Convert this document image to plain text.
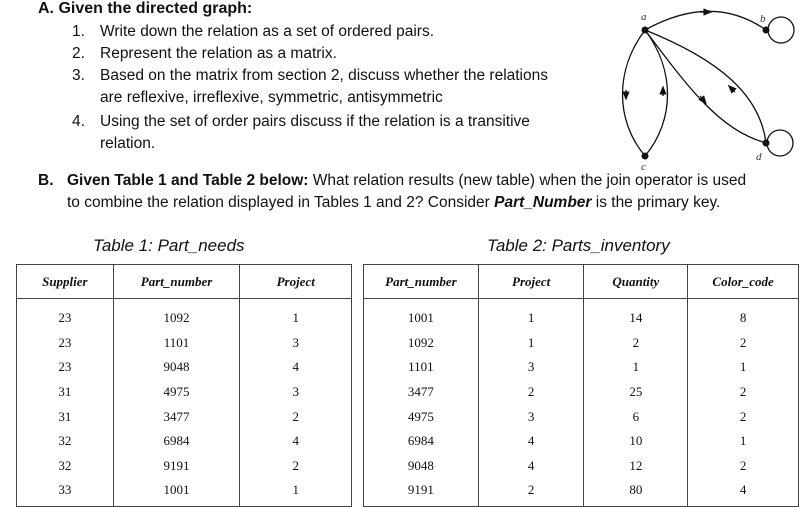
A. Given the directed graph:
1. Write down the relation as a set of ordered pairs.
2. Represent the relation as a matrix.
3. Based on the matrix from section 2, discuss whether the relations
are reflexive, irreflexive, symmetric, antisymmetric
4. Using the set of order pairs discuss if the relation is a transitive
relation.
a	b
c
d
B. Given Table 1 and Table 2 below: What relation results (new table) when the join operator is used
to combine the relation displayed in Tables 1 and 2? Consider Part_Number is the primary key.
Table 1: Part_needs	Table 2: Parts_inventory
Supplier	Part_number	Project
23	1092	1
23	1101	3
23	9048	4
31	4975	3
31	3477	2
32	6984	4
32	9191	2
33	1001	1
Part_number	Project	Quantity	Color_code
1001	1	14	8
1092	1	2	2
1101	3	1	1
3477	2	25	2
4975	3	6	2
6984	4	10	1
9048	4	12	2
9191	2	80	4
